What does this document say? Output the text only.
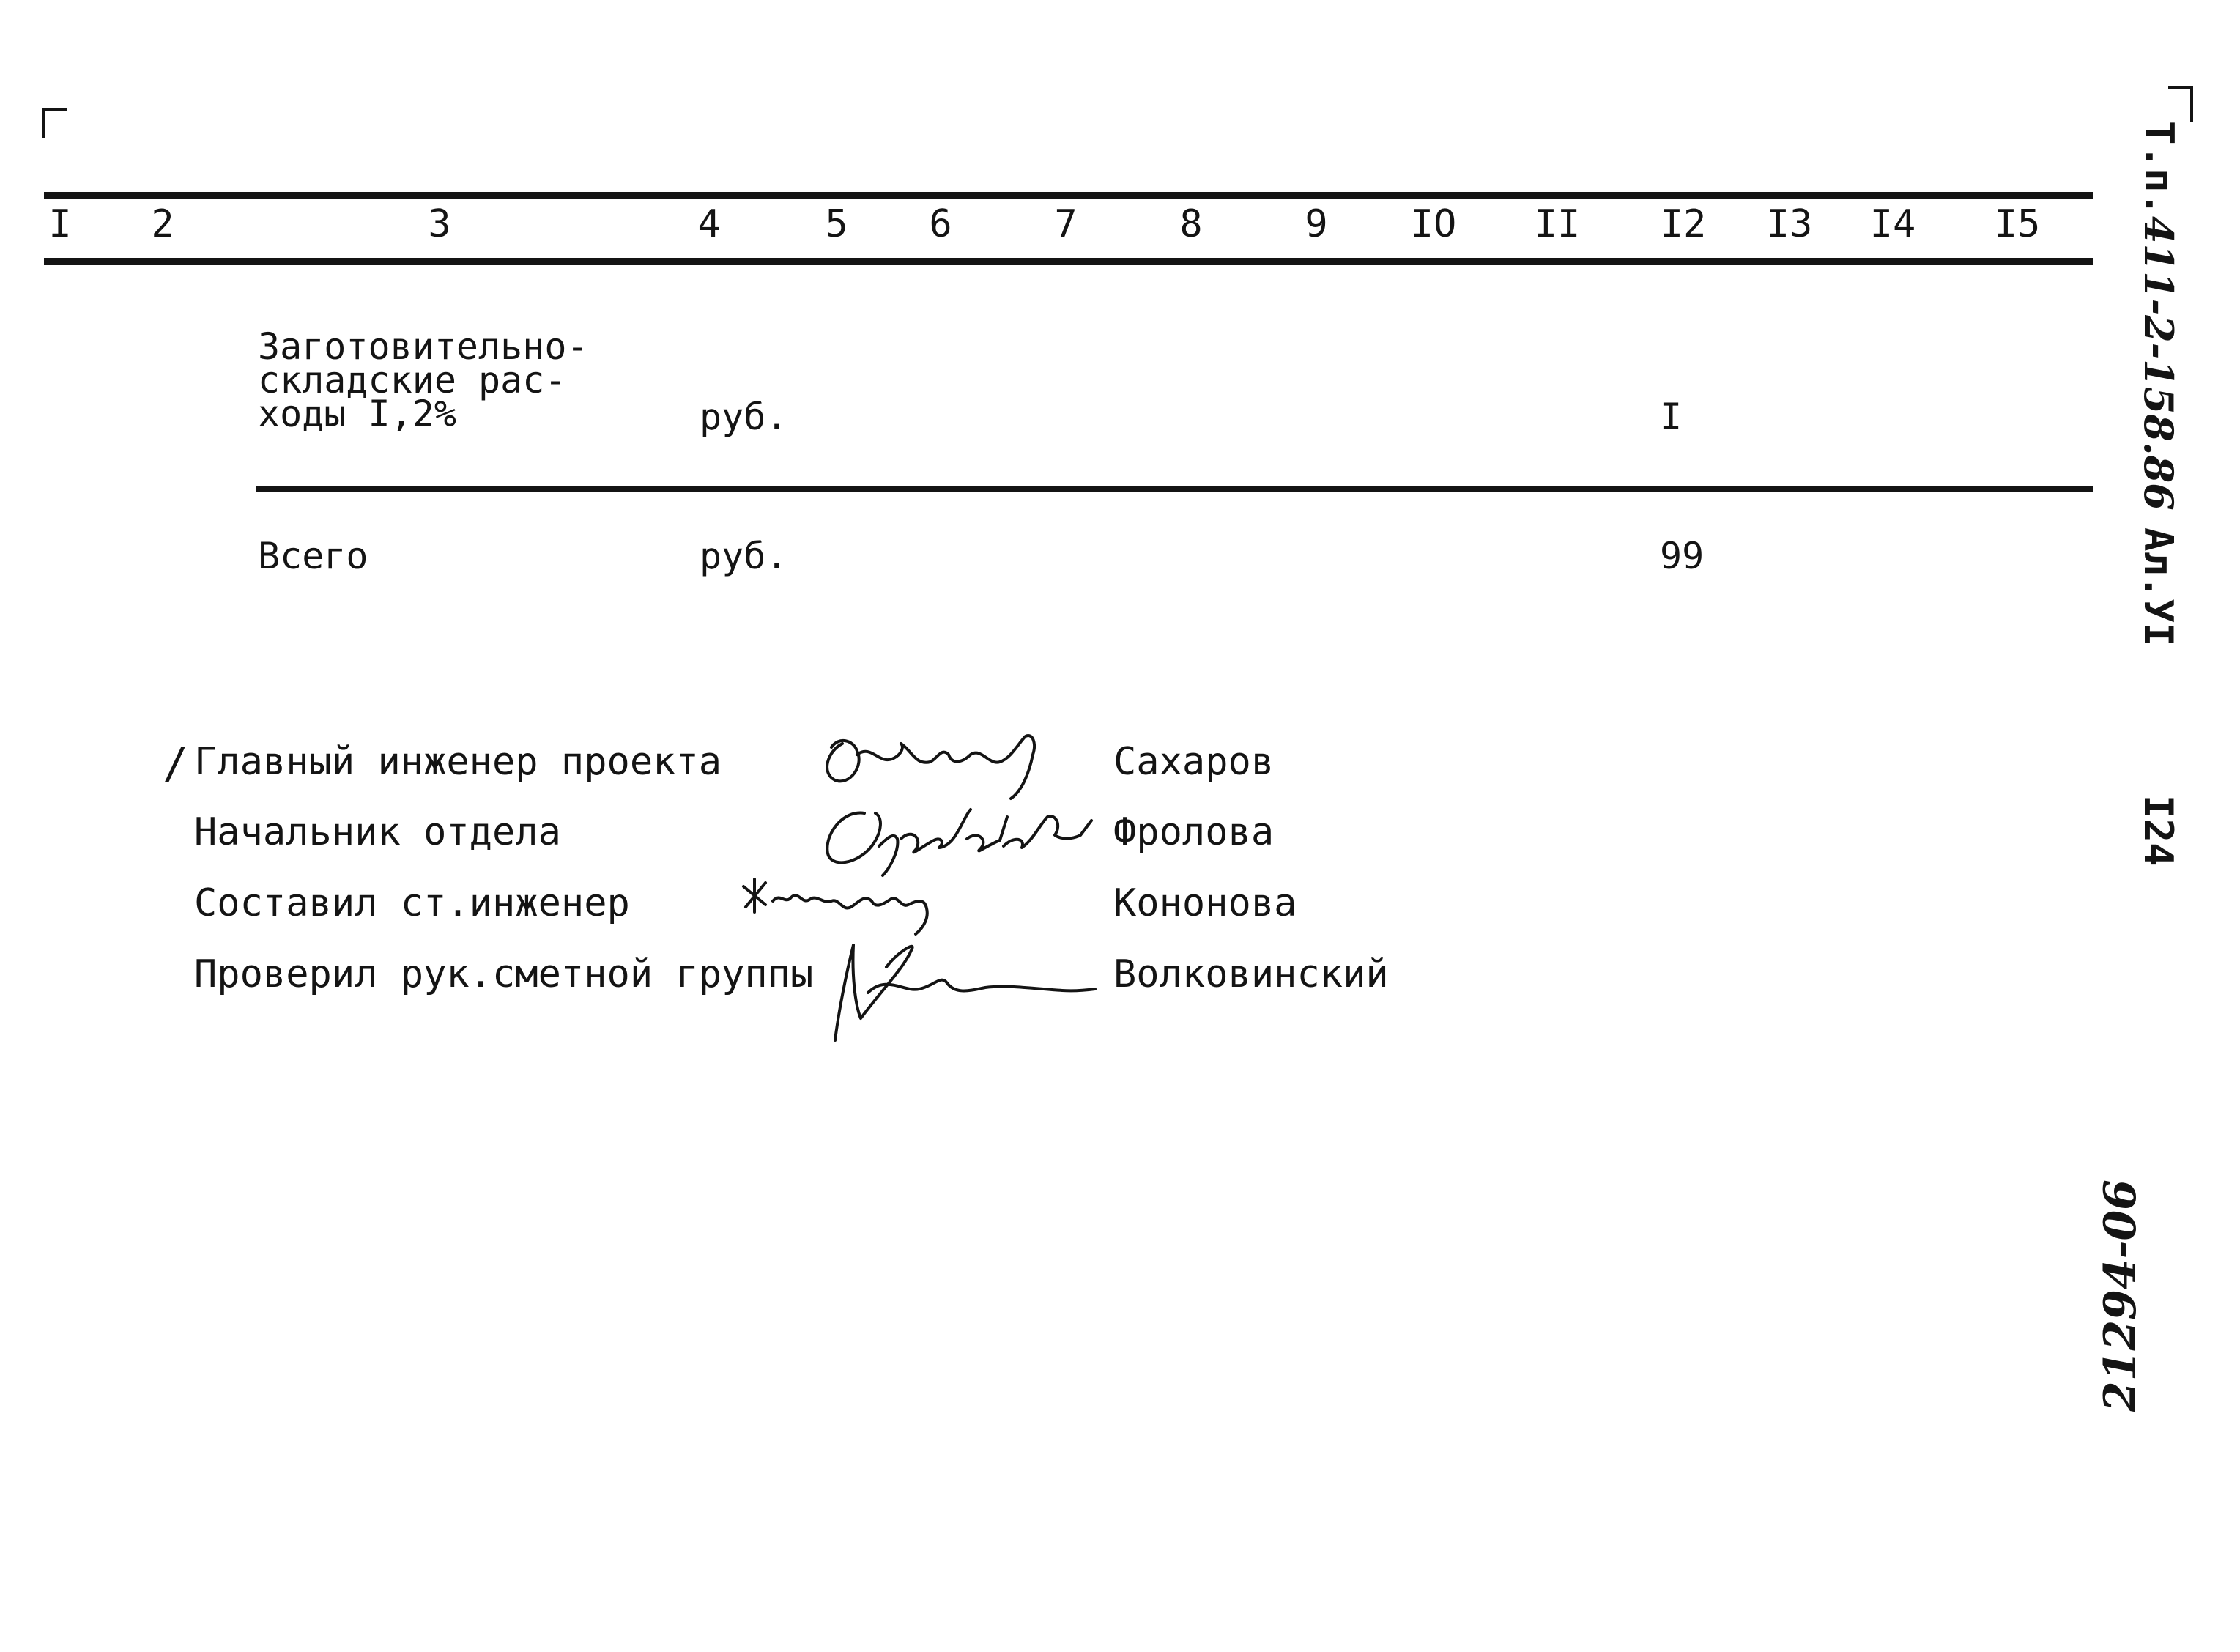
I 2	3	4	5 6	7	8	9 IO II I2 I3 I4 I5
Заготовительно-
складские рас-
ходы I,2%	руб.	I
Всего	руб.	99
/ Главный инженер проекта	Сахаров
Начальник отдела	Фролова
Составил ст.инженер	Кононова
Проверил рук.сметной группы	Волковинский
Т.п.411-2-158.86
Ал.УI
I24
21294-06
